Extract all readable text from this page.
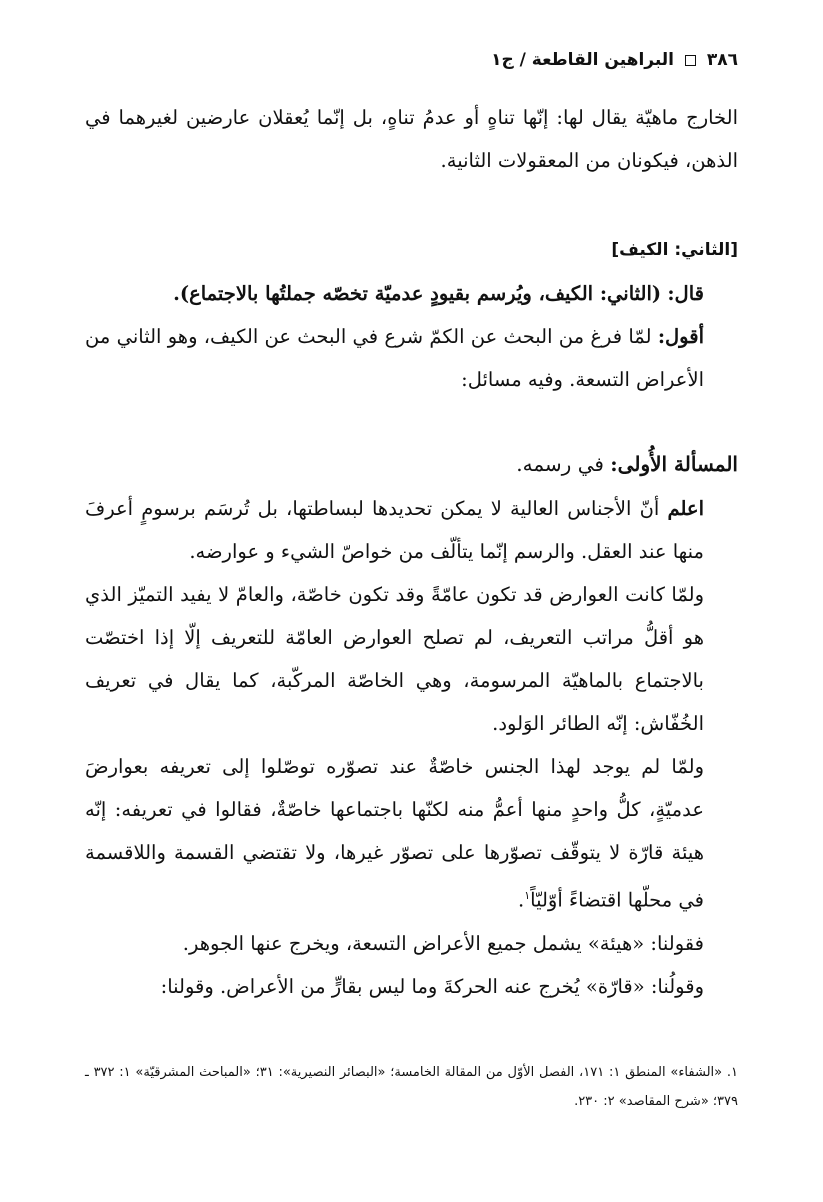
٣٨٦  البراهين القاطعة / ج١
الخارج ماهيّة يقال لها: إنّها تناهٍ أو عدمُ تناهٍ، بل إنّما يُعقلان عارضين لغيرهما في الذهن، فيكونان من المعقولات الثانية.
[الثاني: الكيف]

قال: (الثاني: الكيف، ويُرسم بقيودٍ عدميّة تخصّه جملتُها بالاجتماع).

أقول: لمّا فرغ من البحث عن الكمّ شرع في البحث عن الكيف، وهو الثاني من الأعراض التسعة. وفيه مسائل:

المسألة الأُولى: في رسمه.

اعلم أنّ الأجناس العالية لا يمكن تحديدها لبساطتها، بل تُرسَم برسومٍ أعرفَ منها عند العقل. والرسم إنّما يتألّف من خواصّ الشيء و عوارضه.

ولمّا كانت العوارض قد تكون عامّةً وقد تكون خاصّة، والعامّ لا يفيد التميّز الذي هو أقلُّ مراتب التعريف، لم تصلح العوارض العامّة للتعريف إلّا إذا اختصّت بالاجتماع بالماهيّة المرسومة، وهي الخاصّة المركّبة، كما يقال في تعريف الخُفّاش: إنّه الطائر الوَلود.

ولمّا لم يوجد لهذا الجنس خاصّةٌ عند تصوّره توصّلوا إلى تعريفه بعوارضَ عدميّةٍ، كلُّ واحدٍ منها أعمُّ منه لكنّها باجتماعها خاصّةٌ، فقالوا في تعريفه: إنّه هيئة قارّة لا يتوقّف تصوّرها على تصوّر غيرها، ولا تقتضي القسمة واللاقسمة في محلّها اقتضاءً أوّليّاً$^١$.

فقولنا: «هيئة» يشمل جميع الأعراض التسعة، ويخرج عنها الجوهر.

وقولُنا: «قارّة» يُخرج عنه الحركةَ وما ليس بقارٍّ من الأعراض. وقولنا:

١. «الشفاء» المنطق ١: ١٧١، الفصل الأوّل من المقالة الخامسة؛ «البصائر النصيرية»: ٣١؛ «المباحث المشرقيّة» ١: ٣٧٢ ـ ٣٧٩؛ «شرح المقاصد» ٢: ٢٣٠.
